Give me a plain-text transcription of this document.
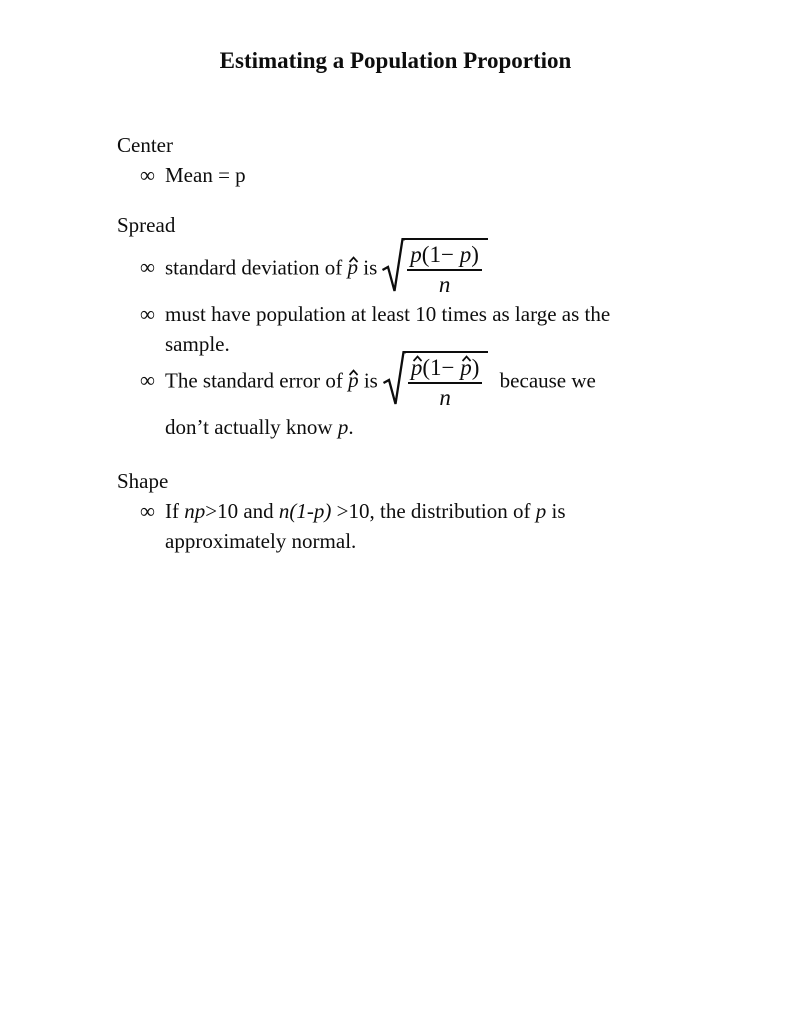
Estimating a Population Proportion
Center
∞ Mean = p
Spread
∞ standard deviation of
p is $\frac{p(1- p)}{n}$
∞ must have population at least 10 times as large as the
sample.
∞ The standard error of
p is p(1−
p)
n because we
don’t actually know p.
Shape
∞ If np>10 and n(1-p) >10, the distribution of p is
approximately normal.
